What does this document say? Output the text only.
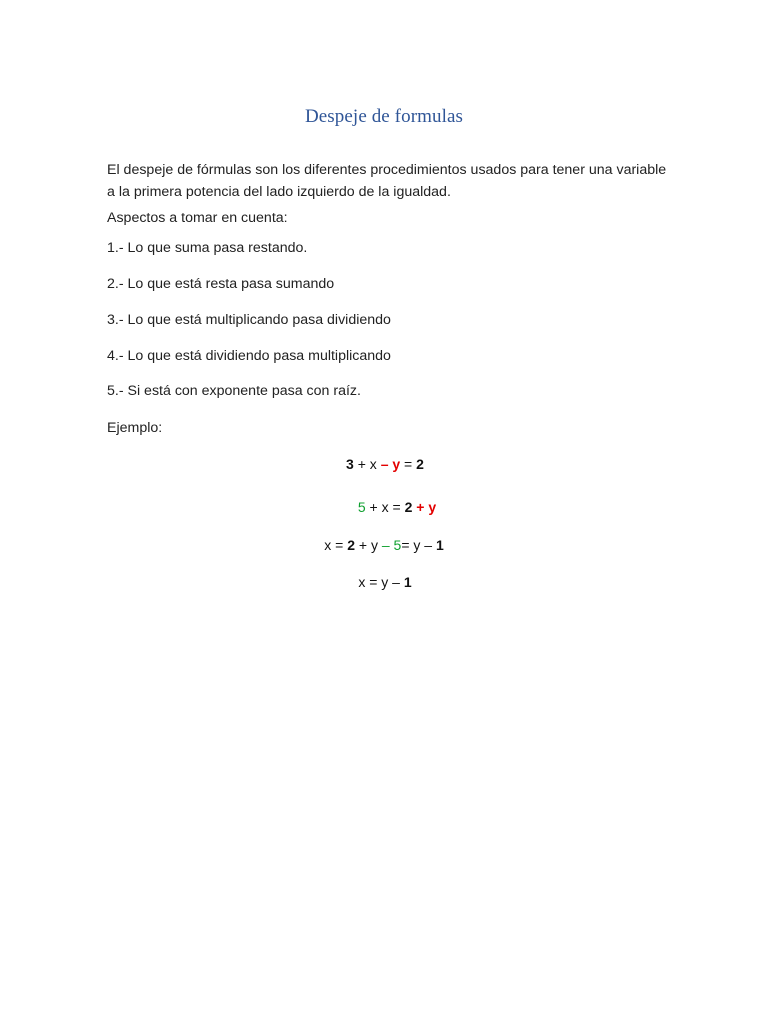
Despeje de formulas
El despeje de fórmulas son los diferentes procedimientos usados para tener una variable a la primera potencia del lado izquierdo de la igualdad.
Aspectos a tomar en cuenta:
1.- Lo que suma pasa restando.
2.- Lo que está resta pasa sumando
3.- Lo que está multiplicando pasa dividiendo
4.- Lo que está dividiendo pasa multiplicando
5.- Si está con exponente pasa con raíz.
Ejemplo:
3 + x – y = 2
5 + x = 2 + y
x = 2 + y – 5= y – 1
x = y – 1
